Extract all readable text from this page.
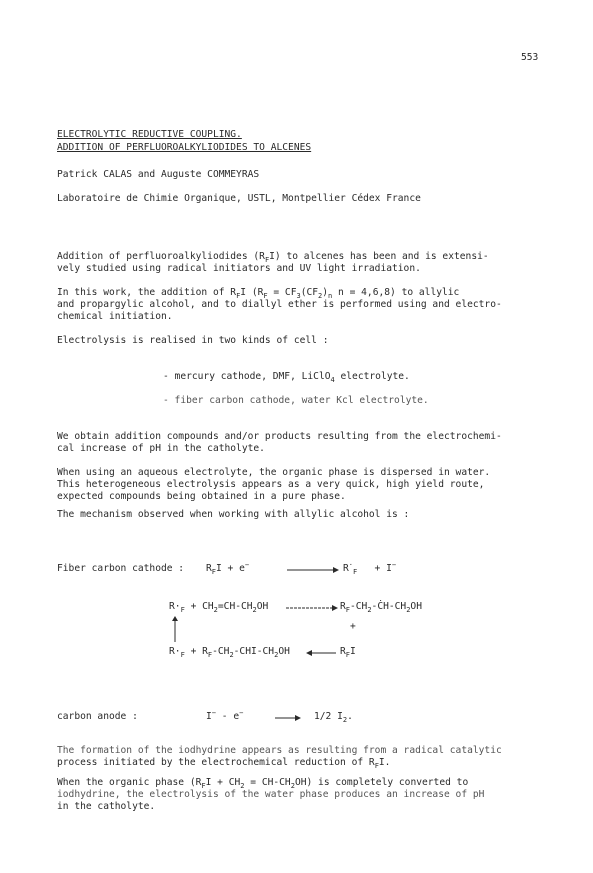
553
ELECTROLYTIC REDUCTIVE COUPLING.
ADDITION OF PERFLUOROALKYLIODIDES TO ALCENES
Patrick CALAS and Auguste COMMEYRAS
Laboratoire de Chimie Organique, USTL, Montpellier Cédex France
Addition of perfluoroalkyliodides $(R_FI)$ to alcenes has been and is extensi-
vely studied using radical initiators and UV light irradiation.
In this work, the addition of $R_FI$ ($R_F = CF_3(CF_2)_n$ n = 4,6,8) to allylic
and propargylic alcohol, and to diallyl ether is performed using and electro-
chemical initiation.
Electrolysis is realised in two kinds of cell :
- mercury cathode, DMF, LiClO$_4$ electrolyte.
- fiber carbon cathode, water Kcl electrolyte.
We obtain addition compounds and/or products resulting from the electrochemi-
cal increase of pH in the catholyte.
When using an aqueous electrolyte, the organic phase is dispersed in water.
This heterogeneous electrolysis appears as a very quick, high yield route,
expected compounds being obtained in a pure phase.
The mechanism observed when working with allylic alcohol is :
Fiber carbon cathode : $R_FI + e^-$	$R^\cdot_F + I^-$
$R\cdot_F + CH_2=CH-CH_2OH$	$R_F-CH_2-ĊH-CH_2OH$
+
$R\cdot_F + R_F-CH_2-CHI-CH_2OH$	$R_FI$
carbon anode :	I− - e−	→ 1/2 $I_2$.
The formation of the iodhydrine appears as resulting from a radical catalytic
process initiated by the electrochemical reduction of $R_FI$.
When the organic phase $(R_FI + CH_2 = CH-CH_2OH)$ is completely converted to
iodhydrine, the electrolysis of the water phase produces an increase of pH
in the catholyte.
